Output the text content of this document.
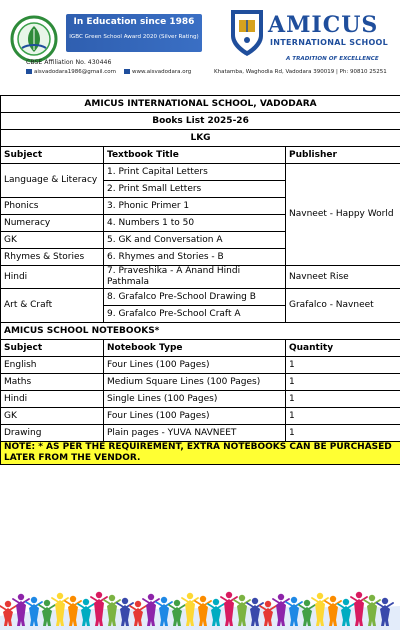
In Education since 1986
IGBC Green School Award 2020 (Silver Rating)	AMICUS
INTERNATIONAL SCHOOL
A TRADITION OF EXCELLENCE
CBSE Affiliation No. 430446
aisvadodara1986@gmail.com	www.aisvadodara.org	Khatamba, Waghodia Rd, Vadodara 390019 | Ph: 90810 25251
AMICUS INTERNATIONAL SCHOOL, VADODARA		
Books List 2025-26		
LKG		
Subject	Textbook Title	Publisher
Language & Literacy	1. Print Capital Letters	Navneet - Happy World
	2. Print Small Letters	
Phonics	3. Phonic Primer 1	
Numeracy	4. Numbers 1 to 50	
GK	5. GK and Conversation A	
Rhymes & Stories	6. Rhymes and Stories - B	
Hindi	7. Praveshika - A Anand Hindi Pathmala	Navneet Rise
Art & Craft	8. Grafalco Pre-School Drawing B	Grafalco - Navneet
	9. Grafalco Pre-School Craft A	
AMICUS SCHOOL NOTEBOOKS*		
Subject	Notebook Type	Quantity
English	Four Lines (100 Pages)	1
Maths	Medium Square Lines (100 Pages)	1
Hindi	Single Lines (100 Pages)	1
GK	Four Lines (100 Pages)	1
Drawing	Plain pages - YUVA NAVNEET	1
NOTE: * AS PER THE REQUIREMENT, EXTRA NOTEBOOKS CAN BE PURCHASED LATER FROM THE VENDOR.		
